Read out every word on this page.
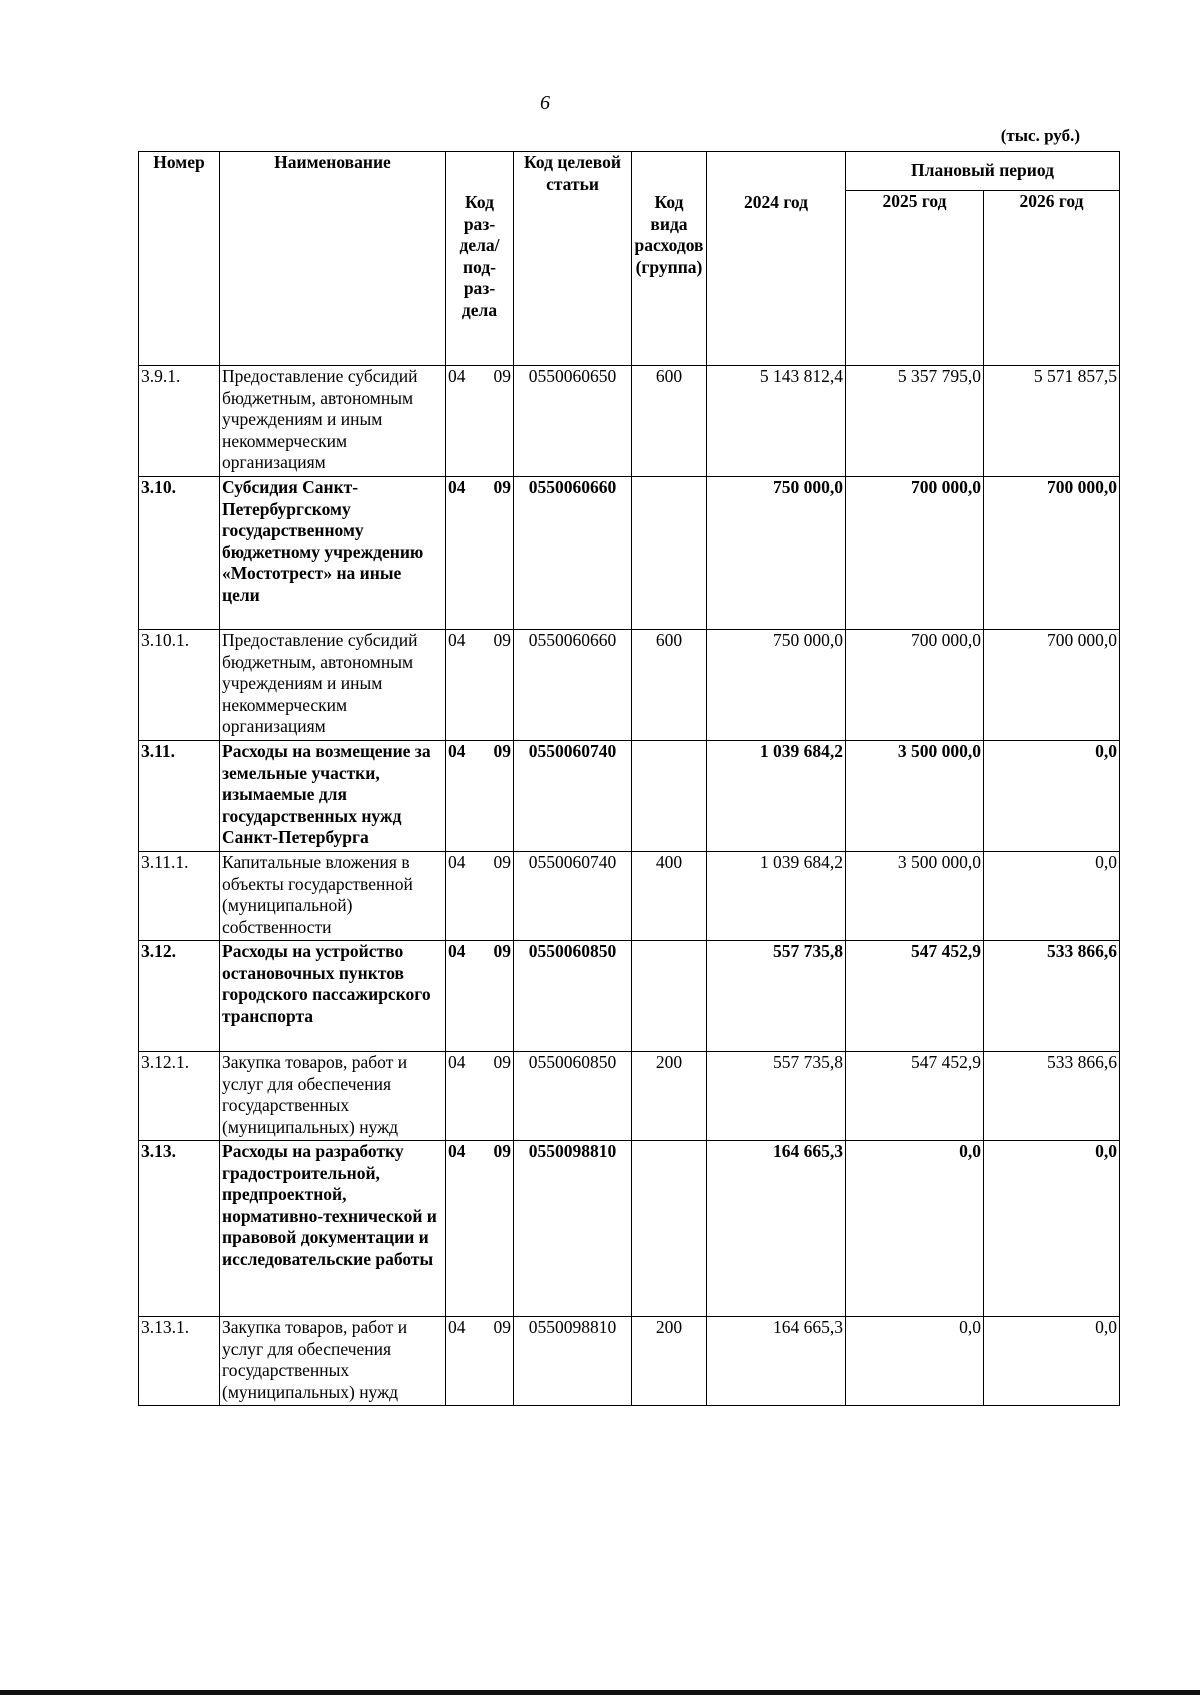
6
(тыс. руб.)
Номер	Наименование	Код раз-дела/ под-раз-дела	Код целевой статьи	Код вида расходов (группа)	2024 год	Плановый период	
						2025 год	2026 год
3.9.1.	Предоставление субсидий бюджетным, автономным учреждениям и иным некоммерческим организациям	04 09	0550060650	600	5 143 812,4	5 357 795,0	5 571 857,5
3.10.	Субсидия Санкт-Петербургскому государственному бюджетному учреждению «Мостотрест» на иные цели	04 09	0550060660		750 000,0	700 000,0	700 000,0
3.10.1.	Предоставление субсидий бюджетным, автономным учреждениям и иным некоммерческим организациям	04 09	0550060660	600	750 000,0	700 000,0	700 000,0
3.11.	Расходы на возмещение за земельные участки, изымаемые для государственных нужд Санкт-Петербурга	04 09	0550060740		1 039 684,2	3 500 000,0	0,0
3.11.1.	Капитальные вложения в объекты государственной (муниципальной) собственности	04 09	0550060740	400	1 039 684,2	3 500 000,0	0,0
3.12.	Расходы на устройство остановочных пунктов городского пассажирского транспорта	04 09	0550060850		557 735,8	547 452,9	533 866,6
3.12.1.	Закупка товаров, работ и услуг для обеспечения государственных (муниципальных) нужд	04 09	0550060850	200	557 735,8	547 452,9	533 866,6
3.13.	Расходы на разработку градостроительной, предпроектной, нормативно-технической и правовой документации и исследовательские работы	04 09	0550098810		164 665,3	0,0	0,0
3.13.1.	Закупка товаров, работ и услуг для обеспечения государственных (муниципальных) нужд	04 09	0550098810	200	164 665,3	0,0	0,0
